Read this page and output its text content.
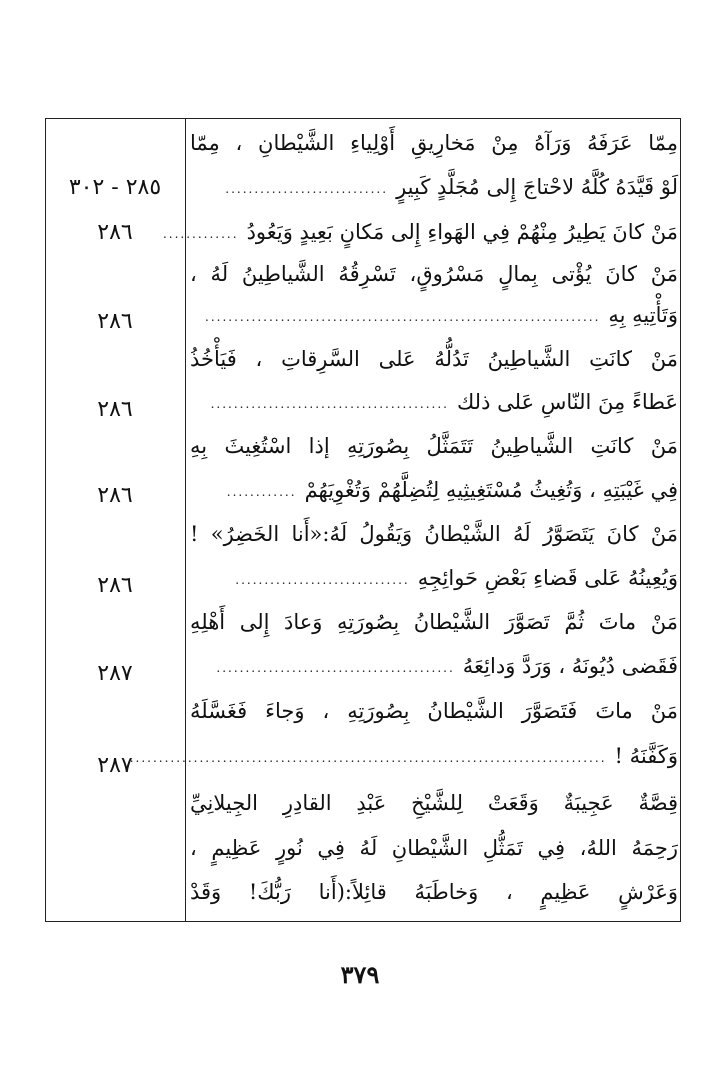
مِمّا عَرَفَهُ وَرَآهُ مِنْ مَخارِيقِ أَوْلِياءِ الشَّيْطانِ ، مِمّا
لَوْ قَيَّدَهُ كُلَّهُ لاحْتاجَ إِلى مُجَلَّدٍ كَبِيرٍ............................
٢٨٥ - ٣٠٢
مَنْ كانَ يَطِيرُ مِنْهُمْ فِي الهَواءِ إِلى مَكانٍ بَعِيدٍ وَيَعُودُ.............
٢٨٦
مَنْ كانَ يُؤْتى بِمالٍ مَسْرُوقٍ، تَسْرِقُهُ الشَّياطِينُ لَهُ ،
وَتَأْتِيهِ بِهِ....................................................................
٢٨٦
مَنْ كانَتِ الشَّياطِينُ تَدُلُّهُ عَلى السَّرِقاتِ ، فَيَأْخُذُ
عَطاءً مِنَ النّاسِ عَلى ذلك.........................................
٢٨٦
مَنْ كانَتِ الشَّياطِينُ تَتَمَثَّلُ بِصُورَتِهِ إذا اسْتُغِيثَ بِهِ
فِي غَيْبَتِهِ ، وَتُغِيثُ مُسْتَغِيثِيهِ لِتُضِلَّهُمْ وَتُغْوِيَهُمْ............
٢٨٦
مَنْ كانَ يَتَصَوَّرُ لَهُ الشَّيْطانُ وَيَقُولُ لَهُ:«أَنا الخَضِرُ» !
وَيُعِينُهُ عَلى قَضاءِ بَعْضِ حَوائِجِهِ..............................
٢٨٦
مَنْ ماتَ ثُمَّ تَصَوَّرَ الشَّيْطانُ بِصُورَتِهِ وَعادَ إِلى أَهْلِهِ
فَقَضى دُيُونَهُ ، وَرَدَّ وَدائِعَهُ.........................................
٢٨٧
مَنْ ماتَ فَتَصَوَّرَ الشَّيْطانُ بِصُورَتِهِ ، وَجاءَ فَغَسَّلَهُ
وَكَفَّنَهُ !..................................................................................
٢٨٧
قِصَّةٌ عَجِيبَةٌ وَقَعَتْ لِلشَّيْخِ عَبْدِ القادِرِ الجِيلانِيِّ
رَحِمَهُ اللهُ، فِي تَمَثُّلِ الشَّيْطانِ لَهُ فِي نُورٍ عَظِيمٍ ،
وَعَرْشٍ عَظِيمٍ ، وَخاطَبَهُ قائِلاً:(أَنا رَبُّكَ! وَقَدْ
٣٧٩
